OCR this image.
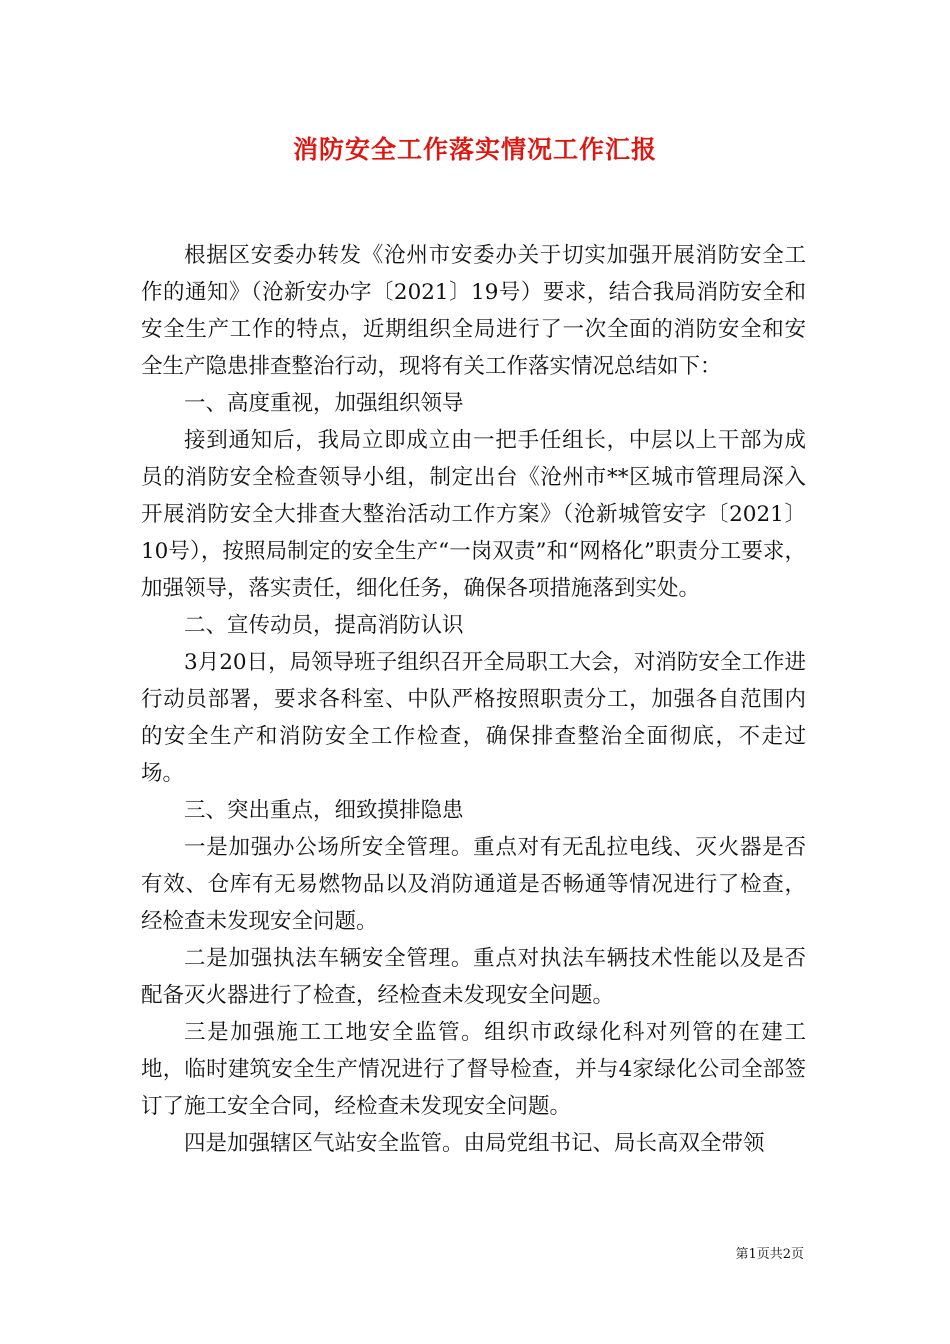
消防安全工作落实情况工作汇报

根据区安委办转发《沧州市安委办关于切实加强开展消防安全工作的通知》（沧新安办字〔2021〕19号）要求，结合我局消防安全和安全生产工作的特点，近期组织全局进行了一次全面的消防安全和安全生产隐患排查整治行动，现将有关工作落实情况总结如下：

一、高度重视，加强组织领导

接到通知后，我局立即成立由一把手任组长，中层以上干部为成员的消防安全检查领导小组，制定出台《沧州市**区城市管理局深入开展消防安全大排查大整治活动工作方案》（沧新城管安字〔2021〕10号），按照局制定的安全生产“一岗双责”和“网格化”职责分工要求，加强领导，落实责任，细化任务，确保各项措施落到实处。

二、宣传动员，提高消防认识

3月20日，局领导班子组织召开全局职工大会，对消防安全工作进行动员部署，要求各科室、中队严格按照职责分工，加强各自范围内的安全生产和消防安全工作检查，确保排查整治全面彻底，不走过场。

三、突出重点，细致摸排隐患

一是加强办公场所安全管理。重点对有无乱拉电线、灭火器是否有效、仓库有无易燃物品以及消防通道是否畅通等情况进行了检查，经检查未发现安全问题。

二是加强执法车辆安全管理。重点对执法车辆技术性能以及是否配备灭火器进行了检查，经检查未发现安全问题。

三是加强施工工地安全监管。组织市政绿化科对列管的在建工地，临时建筑安全生产情况进行了督导检查，并与4家绿化公司全部签订了施工安全合同，经检查未发现安全问题。

四是加强辖区气站安全监管。由局党组书记、局长高双全带领

第1页共2页
